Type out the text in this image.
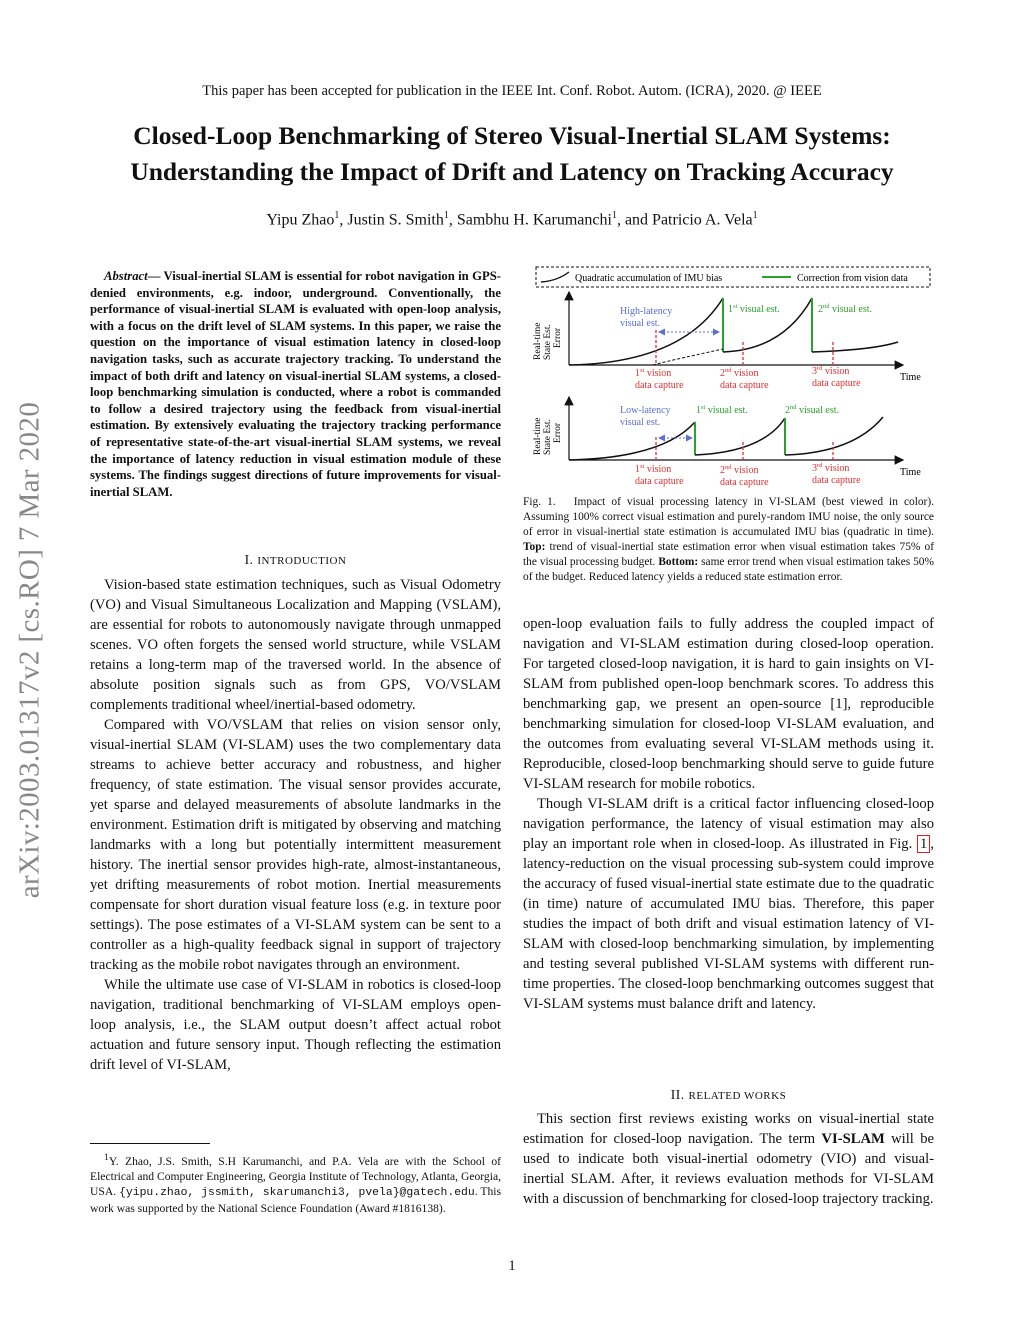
This paper has been accepted for publication in the IEEE Int. Conf. Robot. Autom. (ICRA), 2020. @ IEEE
Closed-Loop Benchmarking of Stereo Visual-Inertial SLAM Systems:
Understanding the Impact of Drift and Latency on Tracking Accuracy
Yipu Zhao$^1$, Justin S. Smith$^1$, Sambhu H. Karumanchi$^1$, and Patricio A. Vela$^1$
arXiv:2003.01317v2 [cs.RO] 7 Mar 2020
Abstract— Visual-inertial SLAM is essential for robot navigation in GPS-denied environments, e.g. indoor, underground. Conventionally, the performance of visual-inertial SLAM is evaluated with open-loop analysis, with a focus on the drift level of SLAM systems. In this paper, we raise the question on the importance of visual estimation latency in closed-loop navigation tasks, such as accurate trajectory tracking. To understand the impact of both drift and latency on visual-inertial SLAM systems, a closed-loop benchmarking simulation is conducted, where a robot is commanded to follow a desired trajectory using the feedback from visual-inertial estimation. By extensively evaluating the trajectory tracking performance of representative state-of-the-art visual-inertial SLAM systems, we reveal the importance of latency reduction in visual estimation module of these systems. The findings suggest directions of future improvements for visual-inertial SLAM.
I. INTRODUCTION

Vision-based state estimation techniques, such as Visual Odometry (VO) and Visual Simultaneous Localization and Mapping (VSLAM), are essential for robots to autonomously navigate through unmapped scenes. VO often forgets the sensed world structure, while VSLAM retains a long-term map of the traversed world. In the absence of absolute position signals such as from GPS, VO/VSLAM complements traditional wheel/inertial-based odometry.

Compared with VO/VSLAM that relies on vision sensor only, visual-inertial SLAM (VI-SLAM) uses the two complementary data streams to achieve better accuracy and robustness, and higher frequency, of state estimation. The visual sensor provides accurate, yet sparse and delayed measurements of absolute landmarks in the environment. Estimation drift is mitigated by observing and matching landmarks with a long but potentially intermittent measurement history. The inertial sensor provides high-rate, almost-instantaneous, yet drifting measurements of robot motion. Inertial measurements compensate for short duration visual feature loss (e.g. in texture poor settings). The pose estimates of a VI-SLAM system can be sent to a controller as a high-quality feedback signal in support of trajectory tracking as the mobile robot navigates through an environment.

While the ultimate use case of VI-SLAM in robotics is closed-loop navigation, traditional benchmarking of VI-SLAM employs open-loop analysis, i.e., the SLAM output doesn’t affect actual robot actuation and future sensory input. Though reflecting the estimation drift level of VI-SLAM,

$^1$Y. Zhao, J.S. Smith, S.H Karumanchi, and P.A. Vela are with the School of Electrical and Computer Engineering, Georgia Institute of Technology, Atlanta, Georgia, USA. {yipu.zhao, jssmith, skarumanchi3, pvela}@gatech.edu. This work was supported by the National Science Foundation (Award #1816138).
Quadratic accumulation of IMU bias	Correction from vision data
Real-time State Est. Error
Time
High-latency
visual est.
1st visual est.	2nd visual est.
1st vision
data capture
2nd vision
data capture
3rd vision
data capture
Real-time State Est. Error
Time
Low-latency
visual est.
1st visual est.	2nd visual est.
1st vision
data capture
2nd vision
data capture
3rd vision
data capture
Fig. 1. Impact of visual processing latency in VI-SLAM (best viewed in color). Assuming 100% correct visual estimation and purely-random IMU noise, the only source of error in visual-inertial state estimation is accumulated IMU bias (quadratic in time). Top: trend of visual-inertial state estimation error when visual estimation takes 75% of the visual processing budget. Bottom: same error trend when visual estimation takes 50% of the budget. Reduced latency yields a reduced state estimation error.

open-loop evaluation fails to fully address the coupled impact of navigation and VI-SLAM estimation during closed-loop operation. For targeted closed-loop navigation, it is hard to gain insights on VI-SLAM from published open-loop benchmark scores. To address this benchmarking gap, we present an open-source [1], reproducible benchmarking simulation for closed-loop VI-SLAM evaluation, and the outcomes from evaluating several VI-SLAM methods using it. Reproducible, closed-loop benchmarking should serve to guide future VI-SLAM research for mobile robotics.

Though VI-SLAM drift is a critical factor influencing closed-loop navigation performance, the latency of visual estimation may also play an important role when in closed-loop. As illustrated in Fig. 1 , latency-reduction on the visual processing sub-system could improve the accuracy of fused visual-inertial state estimate due to the quadratic (in time) nature of accumulated IMU bias. Therefore, this paper studies the impact of both drift and visual estimation latency of VI-SLAM with closed-loop benchmarking simulation, by implementing and testing several published VI-SLAM systems with different run-time properties. The closed-loop benchmarking outcomes suggest that VI-SLAM systems must balance drift and latency.

II. RELATED WORKS

This section first reviews existing works on visual-inertial state estimation for closed-loop navigation. The term VI-SLAM will be used to indicate both visual-inertial odometry (VIO) and visual-inertial SLAM. After, it reviews evaluation methods for VI-SLAM with a discussion of benchmarking for closed-loop trajectory tracking.

1
